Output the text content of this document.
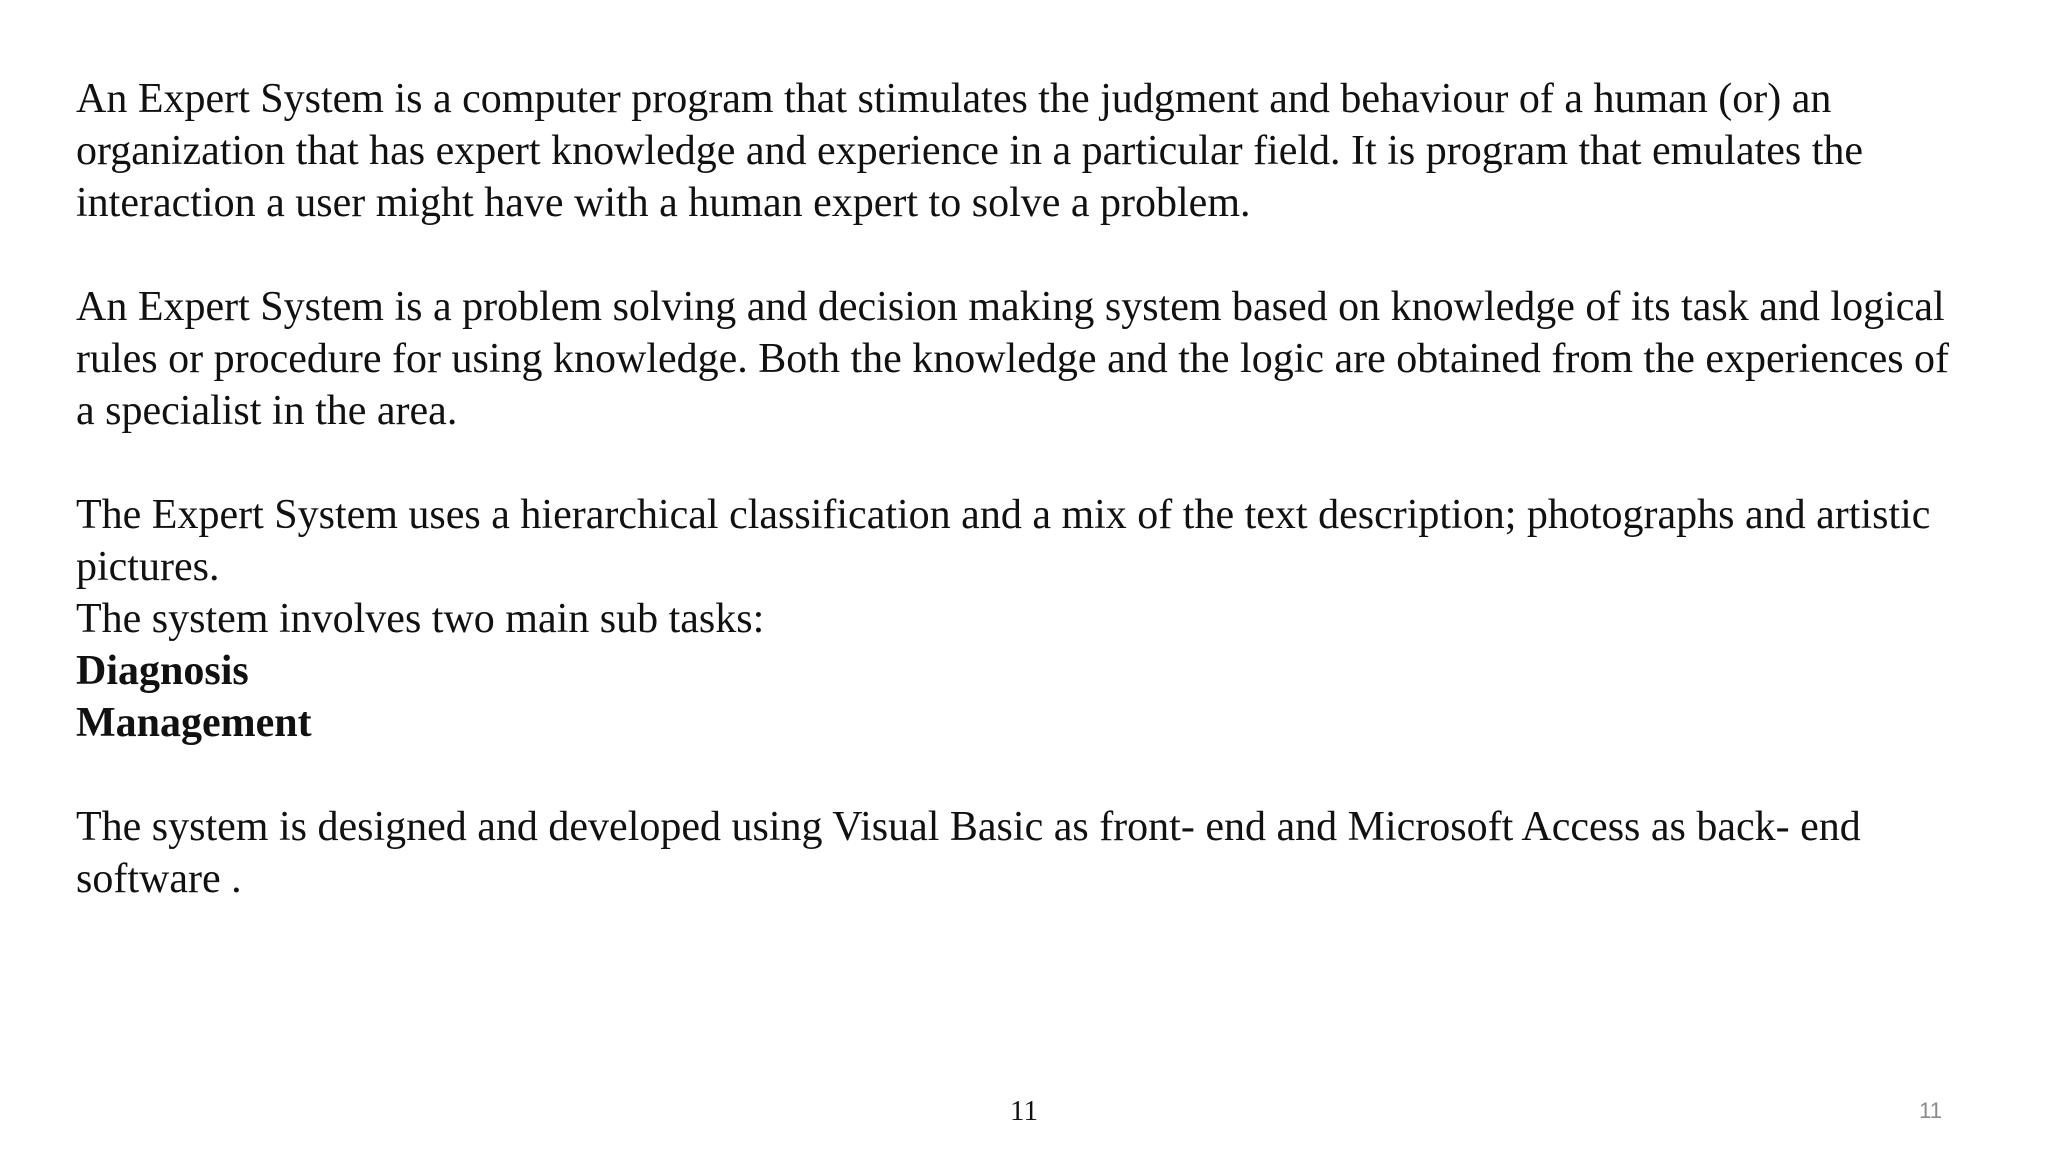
An Expert System is a computer program that stimulates the judgment and behaviour of a human (or) an organization that has expert knowledge and experience in a particular field. It is program that emulates the interaction a user might have with a human expert to solve a problem.

An Expert System is a problem solving and decision making system based on knowledge of its task and logical rules or procedure for using knowledge. Both the knowledge and the logic are obtained from the experiences of a specialist in the area.

The Expert System uses a hierarchical classification and a mix of the text description; photographs and artistic pictures.

The system involves two main sub tasks:

Diagnosis

Management

The system is designed and developed using Visual Basic as front- end and Microsoft Access as back- end software .

11	11
